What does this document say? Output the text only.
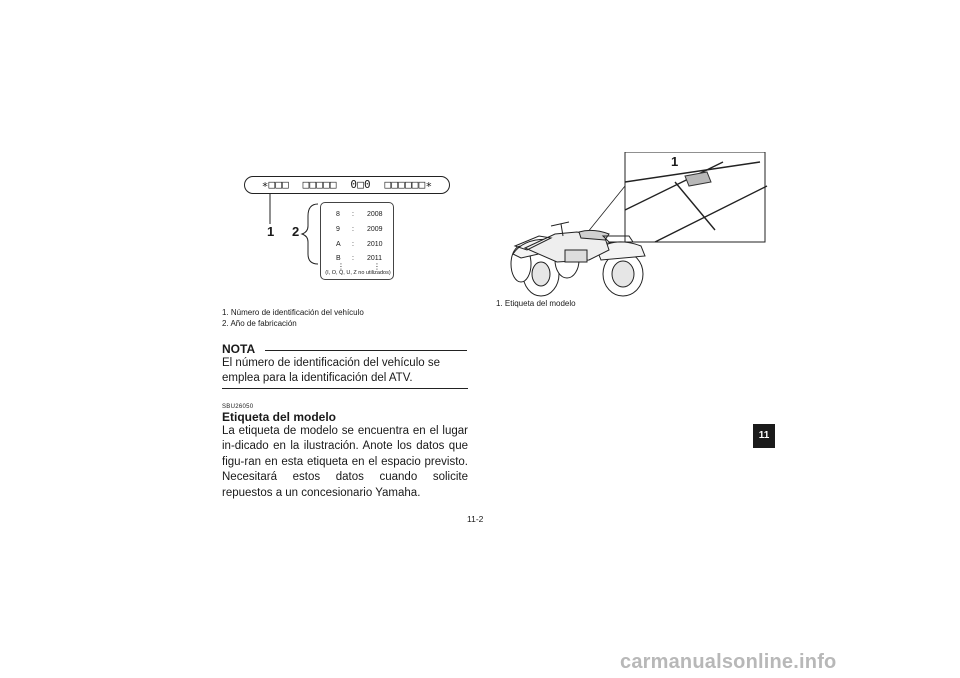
∗□□□  □□□□□  0□0  □□□□□□∗
1 2
8 : 2008
9 : 2009
A : 2010
B : 2011
⋮	⋮
(I, O, Q, U, Z no utilizados)
1. Número de identificación del vehículo
2. Año de fabricación
NOTA
El número de identificación del vehículo se emplea para la identificación del ATV.
SBU26050
Etiqueta del modelo
La etiqueta de modelo se encuentra en el lugar in-dicado en la ilustración. Anote los datos que figu-ran en esta etiqueta en el espacio previsto. Necesitará estos datos cuando solicite repuestos a un concesionario Yamaha.
1
1. Etiqueta del modelo
11
11-2
carmanualsonline.info
